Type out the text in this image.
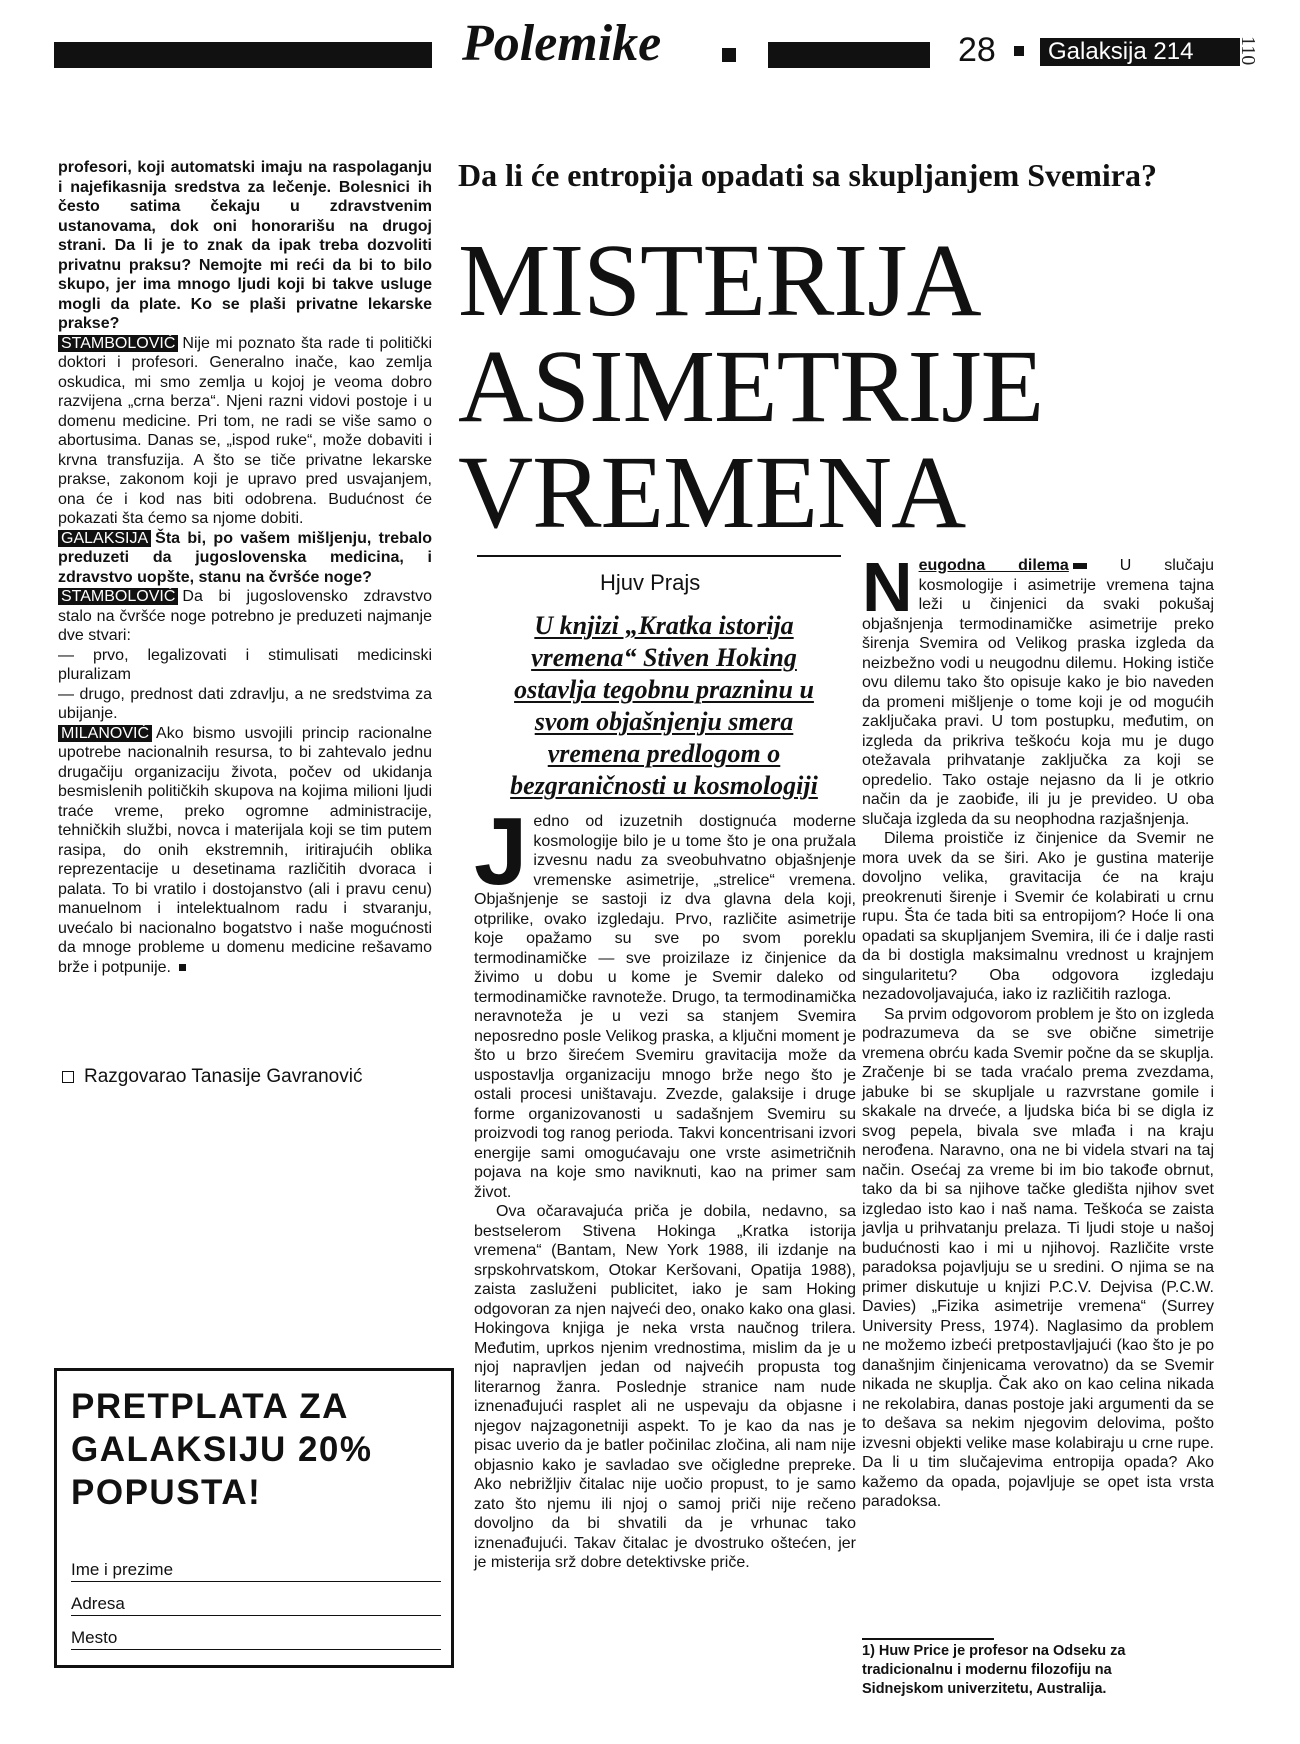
Polemike	28	Galaksija 214	110

profesori, koji automatski imaju na raspolaganju i najefikasnija sredstva za lečenje. Bolesnici ih često satima čekaju u zdravstvenim ustanovama, dok oni honorarišu na drugoj strani. Da li je to znak da ipak treba dozvoliti privatnu praksu? Nemojte mi reći da bi to bilo skupo, jer ima mnogo ljudi koji bi takve usluge mogli da plate. Ko se plaši privatne lekarske prakse?

STAMBOLOVIĆ Nije mi poznato šta rade ti politički doktori i profesori. Generalno inače, kao zemlja oskudica, mi smo zemlja u kojoj je veoma dobro razvijena „crna berza“. Njeni razni vidovi postoje i u domenu medicine. Pri tom, ne radi se više samo o abortusima. Danas se, „ispod ruke“, može dobaviti i krvna transfuzija. A što se tiče privatne lekarske prakse, zakonom koji je upravo pred usvajanjem, ona će i kod nas biti odobrena. Budućnost će pokazati šta ćemo sa njome dobiti.

GALAKSIJA Šta bi, po vašem mišljenju, trebalo preduzeti da jugoslovenska medicina, i zdravstvo uopšte, stanu na čvršće noge?

STAMBOLOVIĆ Da bi jugoslovensko zdravstvo stalo na čvršće noge potrebno je preduzeti najmanje dve stvari:

— prvo, legalizovati i stimulisati medicinski pluralizam

— drugo, prednost dati zdravlju, a ne sredstvima za ubijanje.

MILANOVIĆ Ako bismo usvojili princip racionalne upotrebe nacionalnih resursa, to bi zahtevalo jednu drugačiju organizaciju života, počev od ukidanja besmislenih političkih skupova na kojima milioni ljudi traće vreme, preko ogromne administracije, tehničkih službi, novca i materijala koji se tim putem rasipa, do onih ekstremnih, iritirajućih oblika reprezentacije u desetinama različitih dvoraca i palata. To bi vratilo i dostojanstvo (ali i pravu cenu) manuelnom i intelektualnom radu i stvaranju, uvećalo bi nacionalno bogatstvo i naše mogućnosti da mnoge probleme u domenu medicine rešavamo brže i potpunije.

Razgovarao Tanasije Gavranović
PRETPLATA ZA GALAKSIJU 20% POPUSTA!
Ime i prezime
Adresa
Mesto
Da li će entropija opadati sa skupljanjem Svemira?
MISTERIJA
ASIMETRIJE
VREMENA
Hjuv Prajs
U knjizi „Kratka istorija
vremena“ Stiven Hoking
ostavlja tegobnu prazninu u
svom objašnjenju smera
vremena predlogom o
bezgraničnosti u kosmologiji

Jedno od izuzetnih dostignuća moderne kosmologije bilo je u tome što je ona pružala izvesnu nadu za sveobuhvatno objašnjenje vremenske asimetrije, „strelice“ vremena. Objašnjenje se sastoji iz dva glavna dela koji, otprilike, ovako izgledaju. Prvo, različite asimetrije koje opažamo su sve po svom poreklu termodinamičke — sve proizilaze iz činjenice da živimo u dobu u kome je Svemir daleko od termodinamičke ravnoteže. Drugo, ta termodinamička neravnoteža je u vezi sa stanjem Svemira neposredno posle Velikog praska, a ključni moment je što u brzo širećem Svemiru gravitacija može da uspostavlja organizaciju mnogo brže nego što je ostali procesi uništavaju. Zvezde, galaksije i druge forme organizovanosti u sadašnjem Svemiru su proizvodi tog ranog perioda. Takvi koncentrisani izvori energije sami omogućavaju one vrste asimetričnih pojava na koje smo naviknuti, kao na primer sam život.

Ova očaravajuća priča je dobila, nedavno, sa bestselerom Stivena Hokinga „Kratka istorija vremena“ (Bantam, New York 1988, ili izdanje na srpskohrvatskom, Otokar Keršovani, Opatija 1988), zaista zasluženi publicitet, iako je sam Hoking odgovoran za njen najveći deo, onako kako ona glasi. Hokingova knjiga je neka vrsta naučnog trilera. Međutim, uprkos njenim vrednostima, mislim da je u njoj napravljen jedan od najvećih propusta tog literarnog žanra. Poslednje stranice nam nude iznenađujući rasplet ali ne uspevaju da objasne i njegov najzagonetniji aspekt. To je kao da nas je pisac uverio da je batler počinilac zločina, ali nam nije objasnio kako je savladao sve očigledne prepreke. Ako nebrižljiv čitalac nije uočio propust, to je samo zato što njemu ili njoj o samoj priči nije rečeno dovoljno da bi shvatili da je vrhunac tako iznenađujući. Takav čitalac je dvostruko oštećen, jer je misterija srž dobre detektivske priče.

Neugodna dilema	U slučaju kosmologije i asimetrije vremena tajna leži u činjenici da svaki pokušaj objašnjenja termodinamičke asimetrije preko širenja Svemira od Velikog praska izgleda da neizbežno vodi u neugodnu dilemu. Hoking ističe ovu dilemu tako što opisuje kako je bio naveden da promeni mišljenje o tome koji je od mogućih zaključaka pravi. U tom postupku, međutim, on izgleda da prikriva teškoću koja mu je dugo otežavala prihvatanje zaključka za koji se opredelio. Tako ostaje nejasno da li je otkrio način da je zaobiđe, ili ju je prevideo. U oba slučaja izgleda da su neophodna razjašnjenja.

Dilema proističe iz činjenice da Svemir ne mora uvek da se širi. Ako je gustina materije dovoljno velika, gravitacija će na kraju preokrenuti širenje i Svemir će kolabirati u crnu rupu. Šta će tada biti sa entropijom? Hoće li ona opadati sa skupljanjem Svemira, ili će i dalje rasti da bi dostigla maksimalnu vrednost u krajnjem singularitetu? Oba odgovora izgledaju nezadovoljavajuća, iako iz različitih razloga.

Sa prvim odgovorom problem je što on izgleda podrazumeva da se sve obične simetrije vremena obrću kada Svemir počne da se skuplja. Zračenje bi se tada vraćalo prema zvezdama, jabuke bi se skupljale u razvrstane gomile i skakale na drveće, a ljudska bića bi se digla iz svog pepela, bivala sve mlađa i na kraju nerođena. Naravno, ona ne bi videla stvari na taj način. Osećaj za vreme bi im bio takođe obrnut, tako da bi sa njihove tačke gledišta njihov svet izgledao isto kao i naš nama. Teškoća se zaista javlja u prihvatanju prelaza. Ti ljudi stoje u našoj budućnosti kao i mi u njihovoj. Različite vrste paradoksa pojavljuju se u sredini. O njima se na primer diskutuje u knjizi P.C.V. Dejvisa (P.C.W. Davies) „Fizika asimetrije vremena“ (Surrey University Press, 1974). Naglasimo da problem ne možemo izbeći pretpostavljajući (kao što je po današnjim činjenicama verovatno) da se Svemir nikada ne skuplja. Čak ako on kao celina nikada ne rekolabira, danas postoje jaki argumenti da se to dešava sa nekim njegovim delovima, pošto izvesni objekti velike mase kolabiraju u crne rupe. Da li u tim slučajevima entropija opada? Ako kažemo da opada, pojavljuje se opet ista vrsta paradoksa.

1) Huw Price je profesor na Odseku za tradicionalnu i modernu filozofiju na Sidnejskom univerzitetu, Australija.
